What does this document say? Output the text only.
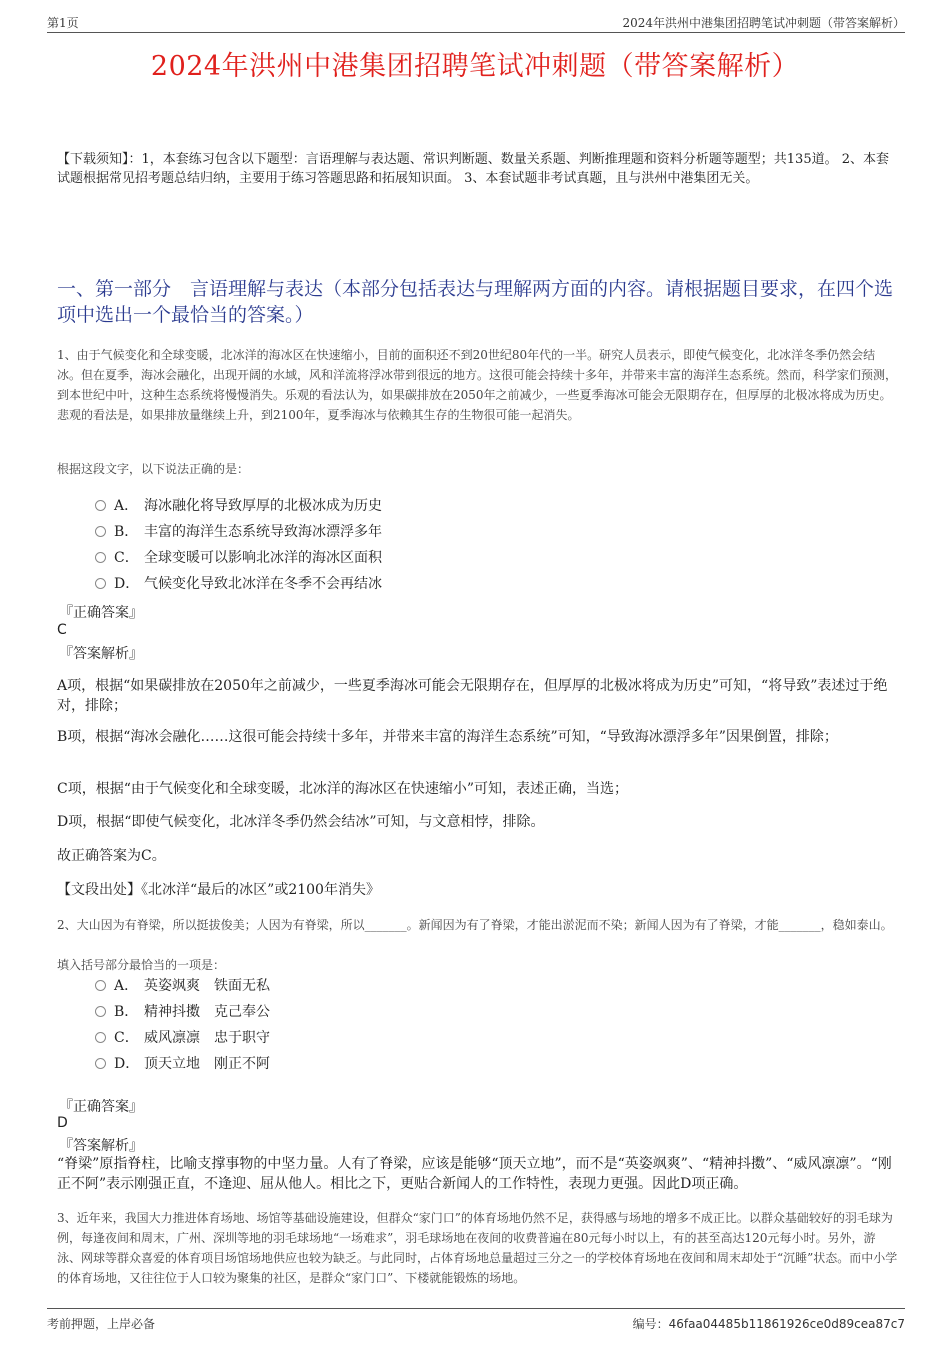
第1页	2024年洪州中港集团招聘笔试冲刺题（带答案解析）
2024年洪州中港集团招聘笔试冲刺题（带答案解析）
【下载须知】：1，本套练习包含以下题型：言语理解与表达题、常识判断题、数量关系题、判断推理题和资料分析题等题型；共135道。 2、本套试题根据常见招考题总结归纳，主要用于练习答题思路和拓展知识面。 3、本套试题非考试真题，且与洪州中港集团无关。
一、第一部分　言语理解与表达（本部分包括表达与理解两方面的内容。请根据题目要求，在四个选项中选出一个最恰当的答案。）
1、由于气候变化和全球变暖，北冰洋的海冰区在快速缩小，目前的面积还不到20世纪80年代的一半。研究人员表示，即使气候变化，北冰洋冬季仍然会结冰。但在夏季，海冰会融化，出现开阔的水域，风和洋流将浮冰带到很远的地方。这很可能会持续十多年，并带来丰富的海洋生态系统。然而，科学家们预测，到本世纪中叶，这种生态系统将慢慢消失。乐观的看法认为，如果碳排放在2050年之前减少，一些夏季海冰可能会无限期存在，但厚厚的北极冰将成为历史。悲观的看法是，如果排放量继续上升，到2100年，夏季海冰与依赖其生存的生物很可能一起消失。
根据这段文字，以下说法正确的是：
A． 海冰融化将导致厚厚的北极冰成为历史
B． 丰富的海洋生态系统导致海冰漂浮多年
C． 全球变暖可以影响北冰洋的海冰区面积
D． 气候变化导致北冰洋在冬季不会再结冰
『正确答案』
C
『答案解析』
A项，根据“如果碳排放在2050年之前减少，一些夏季海冰可能会无限期存在，但厚厚的北极冰将成为历史”可知，“将导致”表述过于绝对，排除；
B项，根据“海冰会融化……这很可能会持续十多年，并带来丰富的海洋生态系统”可知，“导致海冰漂浮多年”因果倒置，排除；
C项，根据“由于气候变化和全球变暖，北冰洋的海冰区在快速缩小”可知，表述正确，当选；
D项，根据“即使气候变化，北冰洋冬季仍然会结冰”可知，与文意相悖，排除。
故正确答案为C。
【文段出处】《北冰洋“最后的冰区”或2100年消失》
2、大山因为有脊梁，所以挺拔俊美；人因为有脊梁，所以_______。新闻因为有了脊梁，才能出淤泥而不染；新闻人因为有了脊梁，才能_______，稳如泰山。
填入括号部分最恰当的一项是：
A． 英姿飒爽　铁面无私
B． 精神抖擞　克己奉公
C． 威风凛凛　忠于职守
D． 顶天立地　刚正不阿
『正确答案』
D
『答案解析』
“脊梁”原指脊柱，比喻支撑事物的中坚力量。人有了脊梁，应该是能够“顶天立地”，而不是“英姿飒爽”、“精神抖擞”、“威风凛凛”。“刚正不阿”表示刚强正直，不逢迎、屈从他人。相比之下，更贴合新闻人的工作特性，表现力更强。因此D项正确。
3、近年来，我国大力推进体育场地、场馆等基础设施建设，但群众“家门口”的体育场地仍然不足，获得感与场地的增多不成正比。以群众基础较好的羽毛球为例，每逢夜间和周末，广州、深圳等地的羽毛球场地“一场难求”，羽毛球场地在夜间的收费普遍在80元每小时以上，有的甚至高达120元每小时。另外，游泳、网球等群众喜爱的体育项目场馆场地供应也较为缺乏。与此同时，占体育场地总量超过三分之一的学校体育场地在夜间和周末却处于“沉睡”状态。而中小学的体育场地，又往往位于人口较为聚集的社区，是群众“家门口”、下楼就能锻炼的场地。
考前押题，上岸必备	编号：46faa04485b11861926ce0d89cea87c7
